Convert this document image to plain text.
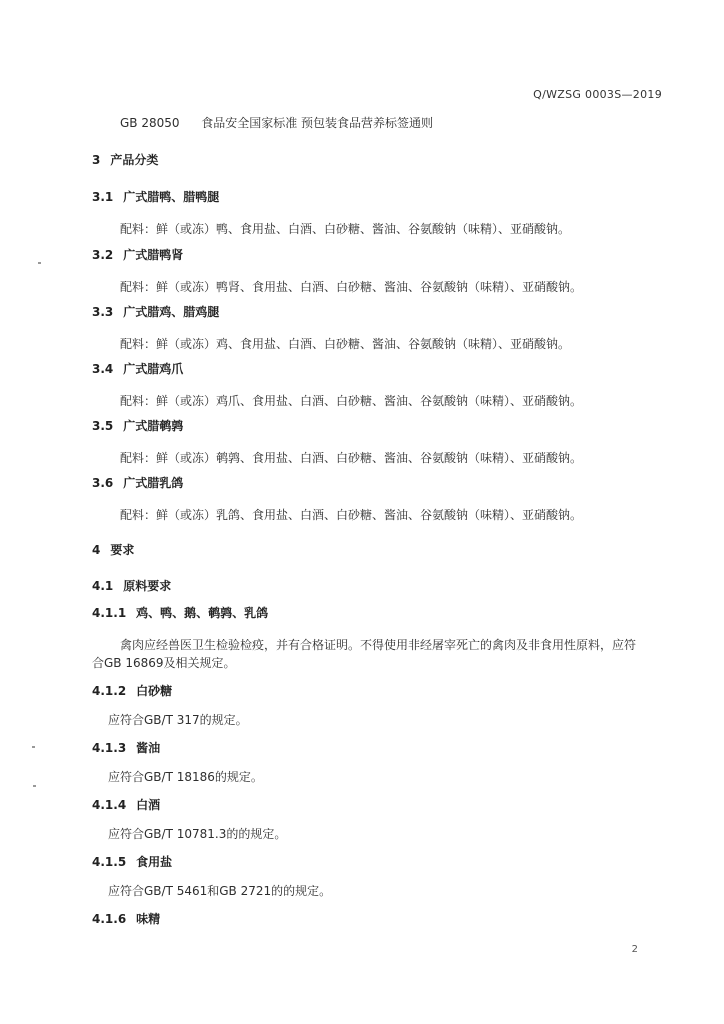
Q/WZSG 0003S—2019
GB 28050 食品安全国家标准 预包装食品营养标签通则
3 产品分类
3.1 广式腊鸭、腊鸭腿
配料：鲜（或冻）鸭、食用盐、白酒、白砂糖、酱油、谷氨酸钠（味精）、亚硝酸钠。
3.2 广式腊鸭肾
配料：鲜（或冻）鸭肾、食用盐、白酒、白砂糖、酱油、谷氨酸钠（味精）、亚硝酸钠。
3.3 广式腊鸡、腊鸡腿
配料：鲜（或冻）鸡、食用盐、白酒、白砂糖、酱油、谷氨酸钠（味精）、亚硝酸钠。
3.4 广式腊鸡爪
配料：鲜（或冻）鸡爪、食用盐、白酒、白砂糖、酱油、谷氨酸钠（味精）、亚硝酸钠。
3.5 广式腊鹌鹑
配料：鲜（或冻）鹌鹑、食用盐、白酒、白砂糖、酱油、谷氨酸钠（味精）、亚硝酸钠。
3.6 广式腊乳鸽
配料：鲜（或冻）乳鸽、食用盐、白酒、白砂糖、酱油、谷氨酸钠（味精）、亚硝酸钠。
4 要求
4.1 原料要求
4.1.1 鸡、鸭、鹅、鹌鹑、乳鸽
禽肉应经兽医卫生检验检疫，并有合格证明。不得使用非经屠宰死亡的禽肉及非食用性原料，应符
合GB 16869及相关规定。
4.1.2 白砂糖
应符合GB/T 317的规定。
4.1.3 酱油
应符合GB/T 18186的规定。
4.1.4 白酒
应符合GB/T 10781.3的的规定。
4.1.5 食用盐
应符合GB/T 5461和GB 2721的的规定。
4.1.6 味精
2
